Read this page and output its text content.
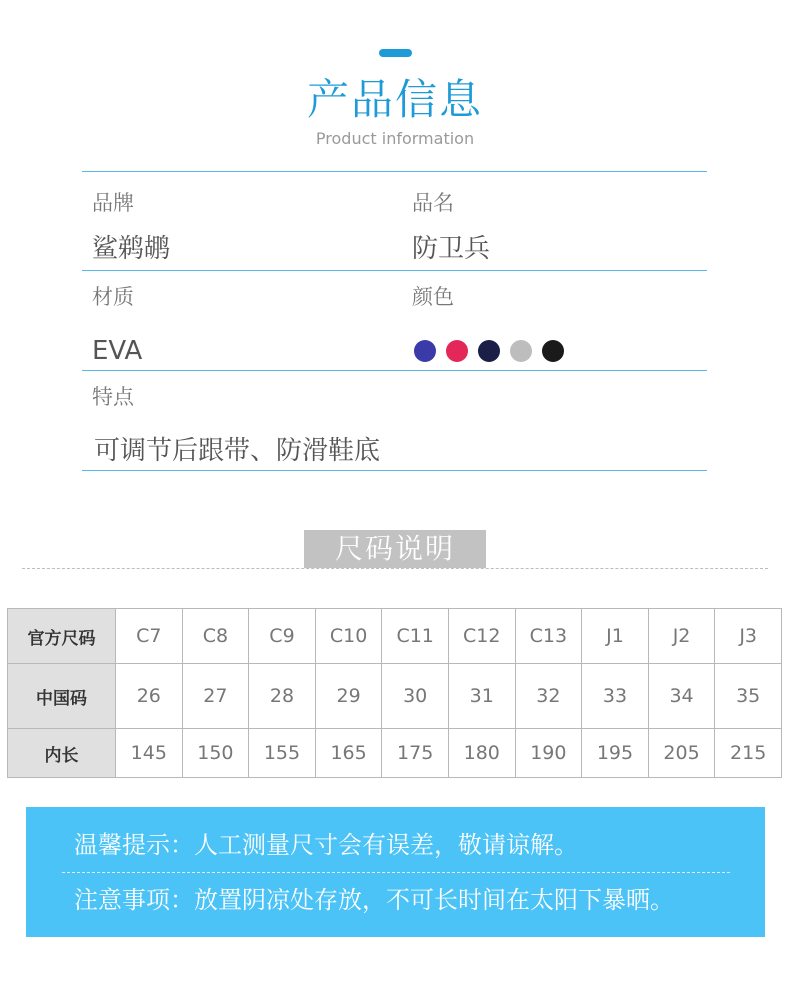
产品信息
Product information
品牌	品名
鲨鹈鹕	防卫兵
材质	颜色
EVA
特点
可调节后跟带、防滑鞋底
尺码说明
官方尺码	C7	C8	C9	C10	C11	C12	C13	J1	J2	J3
中国码	26	27	28	29	30	31	32	33	34	35
内长	145	150	155	165	175	180	190	195	205	215
温馨提示：人工测量尺寸会有误差，敬请谅解。
注意事项：放置阴凉处存放，不可长时间在太阳下暴晒。
